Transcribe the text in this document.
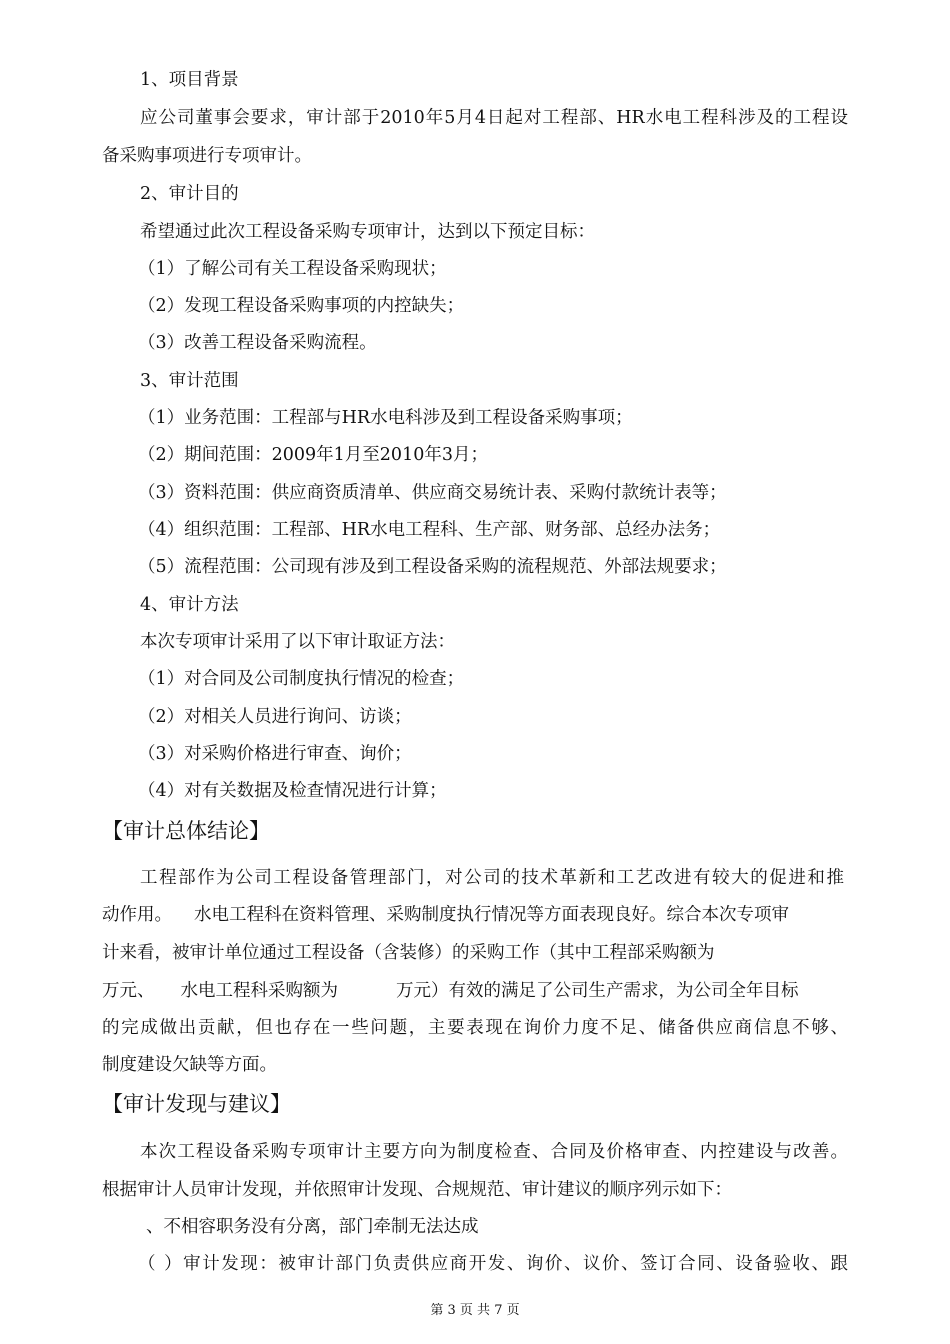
1、项目背景
应公司董事会要求，审计部于2010年5月4日起对工程部、HR水电工程科涉及的工程设
备采购事项进行专项审计。
2、审计目的
希望通过此次工程设备采购专项审计，达到以下预定目标：
（1）了解公司有关工程设备采购现状；
（2）发现工程设备采购事项的内控缺失；
（3）改善工程设备采购流程。
3、审计范围
（1）业务范围：工程部与HR水电科涉及到工程设备采购事项；
（2）期间范围：2009年1月至2010年3月；
（3）资料范围：供应商资质清单、供应商交易统计表、采购付款统计表等；
（4）组织范围：工程部、HR水电工程科、生产部、财务部、总经办法务；
（5）流程范围：公司现有涉及到工程设备采购的流程规范、外部法规要求；
4、审计方法
本次专项审计采用了以下审计取证方法：
（1）对合同及公司制度执行情况的检查；
（2）对相关人员进行询问、访谈；
（3）对采购价格进行审查、询价；
（4）对有关数据及检查情况进行计算；
【审计总体结论】
工程部作为公司工程设备管理部门，对公司的技术革新和工艺改进有较大的促进和推
动作用。 水电工程科在资料管理、采购制度执行情况等方面表现良好。综合本次专项审
计来看，被审计单位通过工程设备（含装修）的采购工作（其中工程部采购额为
万元、 水电工程科采购额为	万元）有效的满足了公司生产需求，为公司全年目标
的完成做出贡献，但也存在一些问题，主要表现在询价力度不足、储备供应商信息不够、
制度建设欠缺等方面。
【审计发现与建议】
本次工程设备采购专项审计主要方向为制度检查、合同及价格审查、内控建设与改善。
根据审计人员审计发现，并依照审计发现、合规规范、审计建议的顺序列示如下：
、不相容职务没有分离，部门牵制无法达成
（ ）审计发现：被审计部门负责供应商开发、询价、议价、签订合同、设备验收、跟
第 3 页 共 7 页
